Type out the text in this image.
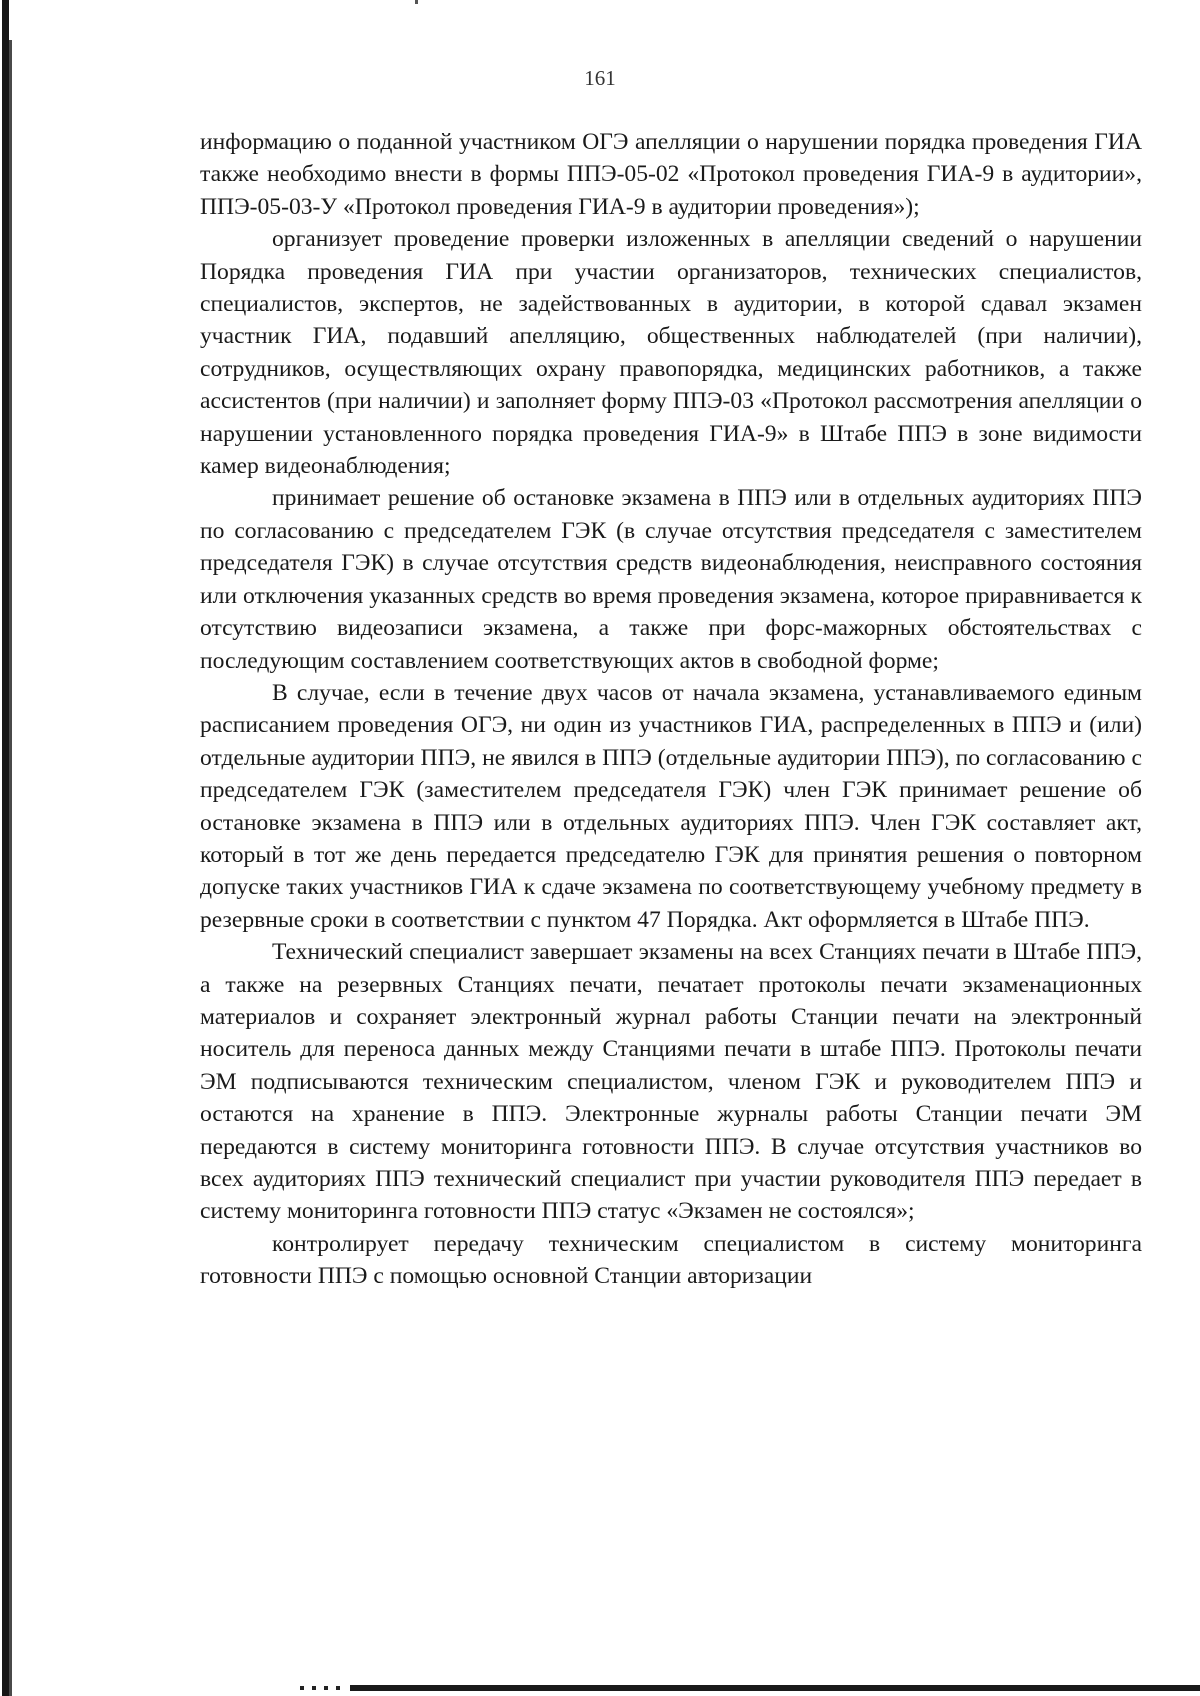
161

информацию о поданной участником ОГЭ апелляции о нарушении порядка проведения ГИА также необходимо внести в формы ППЭ-05-02 «Протокол проведения ГИА-9 в аудитории», ППЭ-05-03-У «Протокол проведения ГИА-9 в аудитории проведения»);

организует проведение проверки изложенных в апелляции сведений о нарушении Порядка проведения ГИА при участии организаторов, технических специалистов, специалистов, экспертов, не задействованных в аудитории, в которой сдавал экзамен участник ГИА, подавший апелляцию, общественных наблюдателей (при наличии), сотрудников, осуществляющих охрану правопорядка, медицинских работников, а также ассистентов (при наличии) и заполняет форму ППЭ-03 «Протокол рассмотрения апелляции о нарушении установленного порядка проведения ГИА-9» в Штабе ППЭ в зоне видимости камер видеонаблюдения;

принимает решение об остановке экзамена в ППЭ или в отдельных аудиториях ППЭ по согласованию с председателем ГЭК (в случае отсутствия председателя с заместителем председателя ГЭК) в случае отсутствия средств видеонаблюдения, неисправного состояния или отключения указанных средств во время проведения экзамена, которое приравнивается к отсутствию видеозаписи экзамена, а также при форс-мажорных обстоятельствах с последующим составлением соответствующих актов в свободной форме;

В случае, если в течение двух часов от начала экзамена, устанавливаемого единым расписанием проведения ОГЭ, ни один из участников ГИА, распределенных в ППЭ и (или) отдельные аудитории ППЭ, не явился в ППЭ (отдельные аудитории ППЭ), по согласованию с председателем ГЭК (заместителем председателя ГЭК) член ГЭК принимает решение об остановке экзамена в ППЭ или в отдельных аудиториях ППЭ. Член ГЭК составляет акт, который в тот же день передается председателю ГЭК для принятия решения о повторном допуске таких участников ГИА к сдаче экзамена по соответствующему учебному предмету в резервные сроки в соответствии с пунктом 47 Порядка. Акт оформляется в Штабе ППЭ.

Технический специалист завершает экзамены на всех Станциях печати в Штабе ППЭ, а также на резервных Станциях печати, печатает протоколы печати экзаменационных материалов и сохраняет электронный журнал работы Станции печати на электронный носитель для переноса данных между Станциями печати в штабе ППЭ. Протоколы печати ЭМ подписываются техническим специалистом, членом ГЭК и руководителем ППЭ и остаются на хранение в ППЭ. Электронные журналы работы Станции печати ЭМ передаются в систему мониторинга готовности ППЭ. В случае отсутствия участников во всех аудиториях ППЭ технический специалист при участии руководителя ППЭ передает в систему мониторинга готовности ППЭ статус «Экзамен не состоялся»;

контролирует передачу техническим специалистом в систему мониторинга готовности ППЭ с помощью основной Станции авторизации
